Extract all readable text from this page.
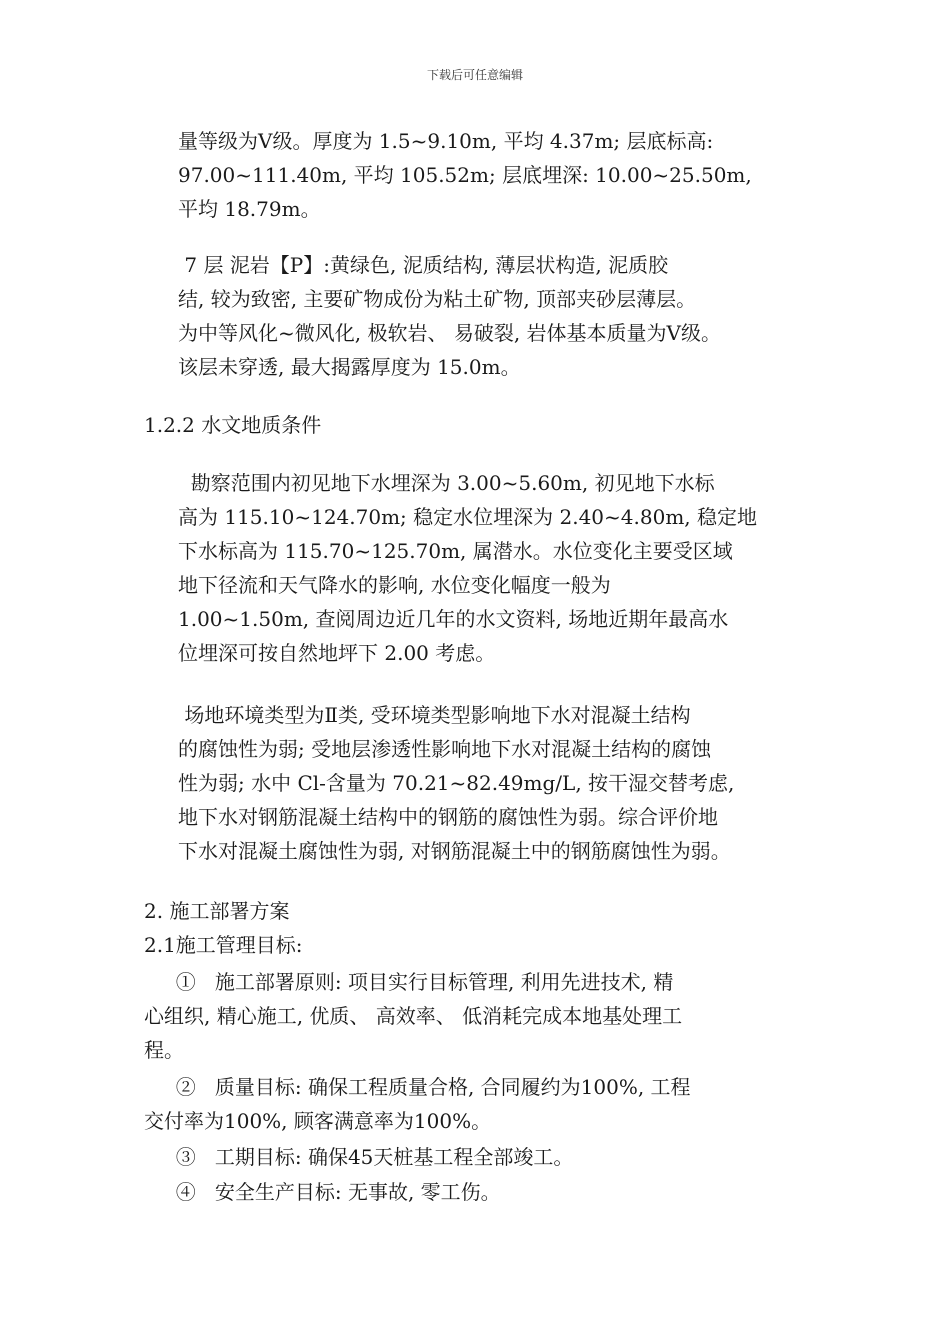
下载后可任意编辑
量等级为Ⅴ级。厚度为 1.5~9.10m, 平均 4.37m; 层底标高:
97.00~111.40m, 平均 105.52m; 层底埋深: 10.00~25.50m,
平均 18.79m。
7 层 泥岩【P】:黄绿色, 泥质结构, 薄层状构造, 泥质胶
结, 较为致密, 主要矿物成份为粘土矿物, 顶部夹砂层薄层。
为中等风化~微风化, 极软岩、 易破裂, 岩体基本质量为Ⅴ级。
该层未穿透, 最大揭露厚度为 15.0m。
1.2.2 水文地质条件
勘察范围内初见地下水埋深为 3.00~5.60m, 初见地下水标
高为 115.10~124.70m; 稳定水位埋深为 2.40~4.80m, 稳定地
下水标高为 115.70~125.70m, 属潜水。水位变化主要受区域
地下径流和天气降水的影响, 水位变化幅度一般为
1.00~1.50m, 查阅周边近几年的水文资料, 场地近期年最高水
位埋深可按自然地坪下 2.00 考虑。
场地环境类型为Ⅱ类, 受环境类型影响地下水对混凝土结构
的腐蚀性为弱; 受地层渗透性影响地下水对混凝土结构的腐蚀
性为弱; 水中 Cl-含量为 70.21~82.49mg/L, 按干湿交替考虑,
地下水对钢筋混凝土结构中的钢筋的腐蚀性为弱。综合评价地
下水对混凝土腐蚀性为弱, 对钢筋混凝土中的钢筋腐蚀性为弱。
2. 施工部署方案
2.1施工管理目标:
①   施工部署原则: 项目实行目标管理, 利用先进技术, 精
心组织, 精心施工, 优质、 高效率、 低消耗完成本地基处理工
程。
②   质量目标: 确保工程质量合格, 合同履约为100%, 工程
交付率为100%, 顾客满意率为100%。
③   工期目标: 确保45天桩基工程全部竣工。
④   安全生产目标: 无事故, 零工伤。
